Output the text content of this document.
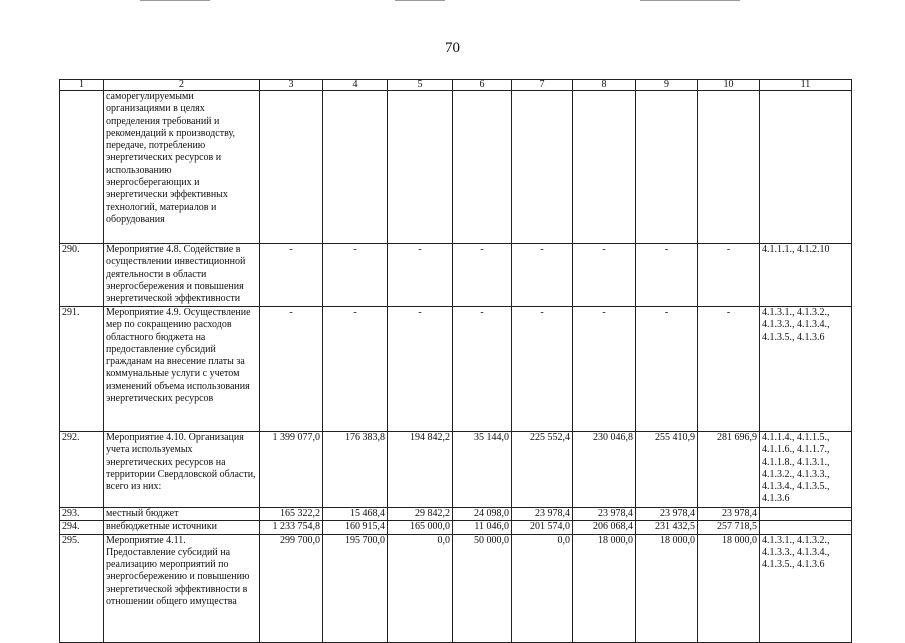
70
1	2	3	4	5	6	7	8	9	10	11
	саморегулируемыми организациями в целях определения требований и рекомендаций к производству, передаче, потреблению энергетических ресурсов и использованию энергосберегающих и энергетически эффективных технологий, материалов и оборудования									
290.	Мероприятие 4.8. Содействие в осуществлении инвестиционной деятельности в области энергосбережения и повышения энергетической эффективности	-	-	-	-	-	-	-	-	4.1.1.1., 4.1.2.10
291.	Мероприятие 4.9. Осуществление мер по сокращению расходов областного бюджета на предоставление субсидий гражданам на внесение платы за коммунальные услуги с учетом изменений объема использования энергетических ресурсов	-	-	-	-	-	-	-	-	4.1.3.1., 4.1.3.2., 4.1.3.3., 4.1.3.4., 4.1.3.5., 4.1.3.6
292.	Мероприятие 4.10. Организация учета используемых энергетических ресурсов на территории Свердловской области, всего из них:	1 399 077,0	176 383,8	194 842,2	35 144,0	225 552,4	230 046,8	255 410,9	281 696,9	4.1.1.4., 4.1.1.5., 4.1.1.6., 4.1.1.7., 4.1.1.8., 4.1.3.1., 4.1.3.2., 4.1.3.3., 4.1.3.4., 4.1.3.5., 4.1.3.6
293.	местный бюджет	165 322,2	15 468,4	29 842,2	24 098,0	23 978,4	23 978,4	23 978,4	23 978,4	
294.	внебюджетные источники	1 233 754,8	160 915,4	165 000,0	11 046,0	201 574,0	206 068,4	231 432,5	257 718,5	
295.	Мероприятие 4.11. Предоставление субсидий на реализацию мероприятий по энергосбережению и повышению энергетической эффективности в отношении общего имущества	299 700,0	195 700,0	0,0	50 000,0	0,0	18 000,0	18 000,0	18 000,0	4.1.3.1., 4.1.3.2., 4.1.3.3., 4.1.3.4., 4.1.3.5., 4.1.3.6
